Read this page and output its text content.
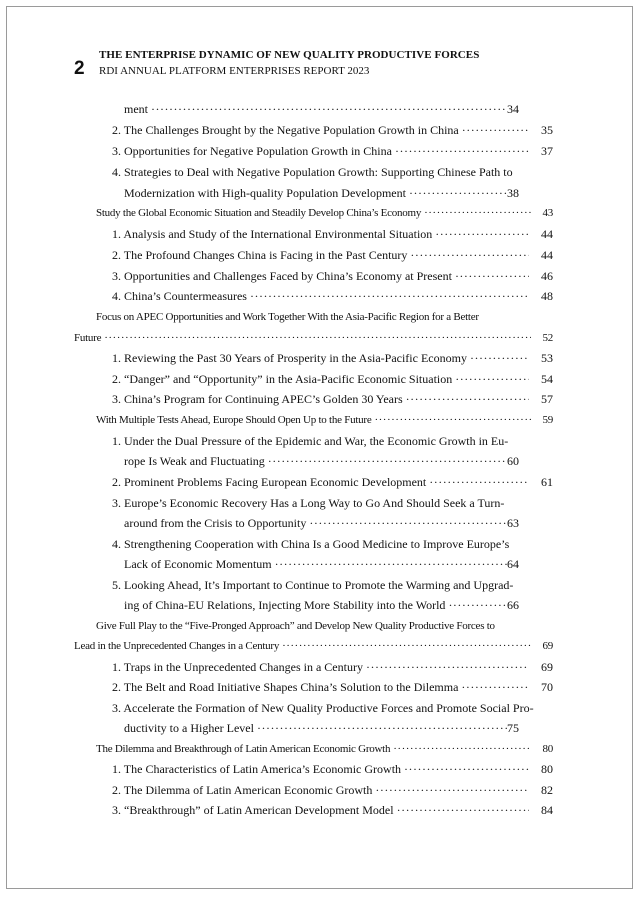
2
THE ENTERPRISE DYNAMIC OF NEW QUALITY PRODUCTIVE FORCES
RDI ANNUAL PLATFORM ENTERPRISES REPORT 2023
ment ·····	34
2. The Challenges Brought by the Negative Population Growth in China ·····	35
3. Opportunities for Negative Population Growth in China ·····	37
4. Strategies to Deal with Negative Population Growth: Supporting Chinese Path to
Modernization with High-quality Population Development ·····	38
Study the Global Economic Situation and Steadily Develop China’s Economy ·····	43
1. Analysis and Study of the International Environmental Situation ·····	44
2. The Profound Changes China is Facing in the Past Century ·····	44
3. Opportunities and Challenges Faced by China’s Economy at Present ·····	46
4. China’s Countermeasures ·····	48
Focus on APEC Opportunities and Work Together With the Asia-Pacific Region for a Better
Future ·····	52
1. Reviewing the Past 30 Years of Prosperity in the Asia-Pacific Economy ·····	53
2. “Danger” and “Opportunity” in the Asia-Pacific Economic Situation ·····	54
3. China’s Program for Continuing APEC’s Golden 30 Years ·····	57
With Multiple Tests Ahead, Europe Should Open Up to the Future ·····	59
1. Under the Dual Pressure of the Epidemic and War, the Economic Growth in Eu-
rope Is Weak and Fluctuating ·····	60
2. Prominent Problems Facing European Economic Development ·····	61
3. Europe’s Economic Recovery Has a Long Way to Go And Should Seek a Turn-
around from the Crisis to Opportunity ·····	63
4. Strengthening Cooperation with China Is a Good Medicine to Improve Europe’s
Lack of Economic Momentum ·····	64
5. Looking Ahead, It’s Important to Continue to Promote the Warming and Upgrad-
ing of China-EU Relations, Injecting More Stability into the World ·····	66
Give Full Play to the “Five-Pronged Approach” and Develop New Quality Productive Forces to
Lead in the Unprecedented Changes in a Century ·····	69
1. Traps in the Unprecedented Changes in a Century ·····	69
2. The Belt and Road Initiative Shapes China’s Solution to the Dilemma ·····	70
3. Accelerate the Formation of New Quality Productive Forces and Promote Social Pro-
ductivity to a Higher Level ·····	75
The Dilemma and Breakthrough of Latin American Economic Growth ·····	80
1. The Characteristics of Latin America’s Economic Growth ·····	80
2. The Dilemma of Latin American Economic Growth ·····	82
3. “Breakthrough” of Latin American Development Model ·····	84
